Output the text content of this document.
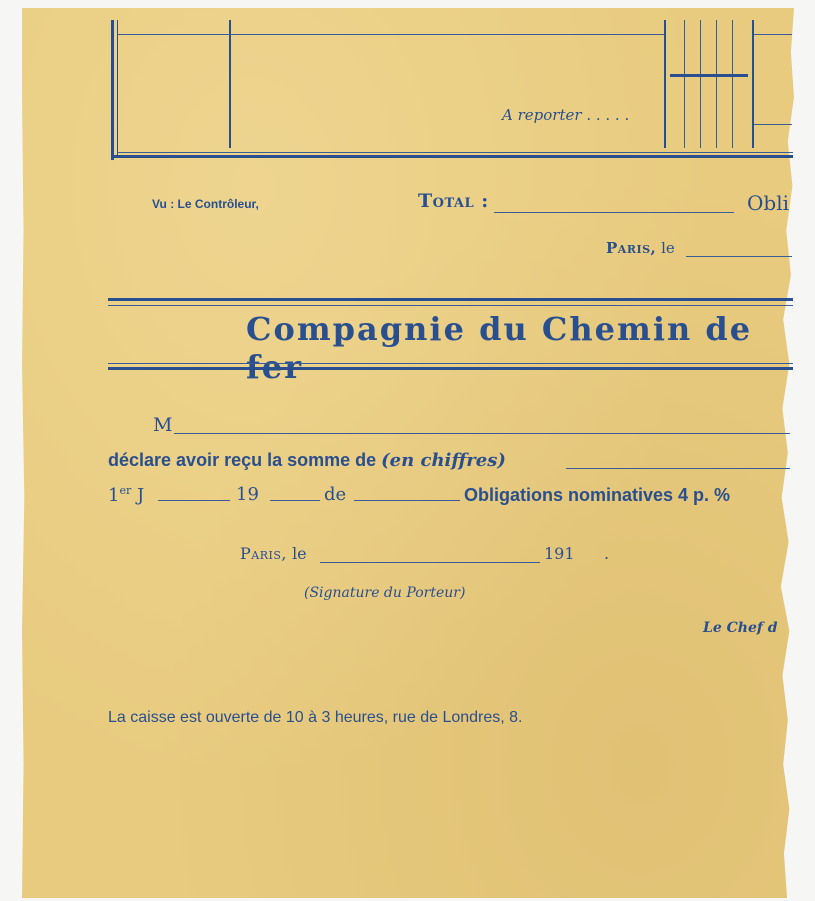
A reporter . . . . .
Vu : Le Contrôleur,	Total :	Obli
Paris, le
Compagnie du Chemin de
M
déclare avoir reçu la somme de (en chiffres)
1er J	19	de	Obligations nominatives 4 p. %
Paris, le	191 .
(Signature du Porteur)
Le Chef d
La caisse est ouverte de 10 à 3 heures, rue de Londres, 8.
